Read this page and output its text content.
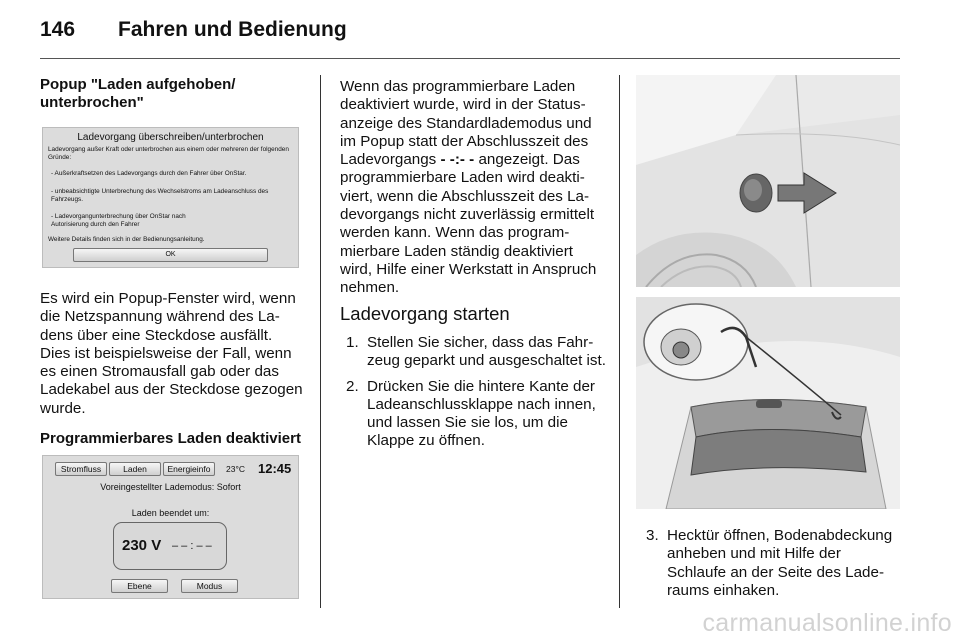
146 Fahren und Bedienung
Popup "Laden aufgehoben/ unterbrochen"
Ladevorgang überschreiben/unterbrochen
Ladevorgang außer Kraft oder unterbrochen aus einem oder mehreren der folgenden Gründe:
- Außerkraftsetzen des Ladevorgangs durch den Fahrer über OnStar.
- unbeabsichtigte Unterbrechung des Wechselstroms am Ladeanschluss des Fahrzeugs.
- Ladevorgangunterbrechung über OnStar nach Autorisierung durch den Fahrer
Weitere Details finden sich in der Bedienungsanleitung.
OK
Es wird ein Popup-Fenster wird, wenn die Netzspannung während des Ladens über eine Steckdose ausfällt. Dies ist beispielsweise der Fall, wenn es einen Stromausfall gab oder das Ladekabel aus der Steckdose gezogen wurde.
Programmierbares Laden deaktiviert
Stromfluss	Laden	Energieinfo	23°C 12:45
Voreingestellter Lademodus: Sofort
Laden beendet um:
230 V – – : – –
Ebene	Modus
Wenn das programmierbare Laden deaktiviert wurde, wird in der Statusanzeige des Standardlademodus und im Popup statt der Abschlusszeit des Ladevorgangs - -:- - angezeigt. Das programmierbare Laden wird deaktiviert, wenn die Abschlusszeit des Ladevorgangs nicht zuverlässig ermittelt werden kann. Wenn das programmierbare Laden ständig deaktiviert wird, Hilfe einer Werkstatt in Anspruch nehmen.
Ladevorgang starten
1. Stellen Sie sicher, dass das Fahrzeug geparkt und ausgeschaltet ist.
2. Drücken Sie die hintere Kante der Ladeanschlussklappe nach innen, und lassen Sie sie los, um die Klappe zu öffnen.
3. Hecktür öffnen, Bodenabdeckung anheben und mit Hilfe der Schlaufe an der Seite des Laderaums einhaken.
carmanualsonline.info
